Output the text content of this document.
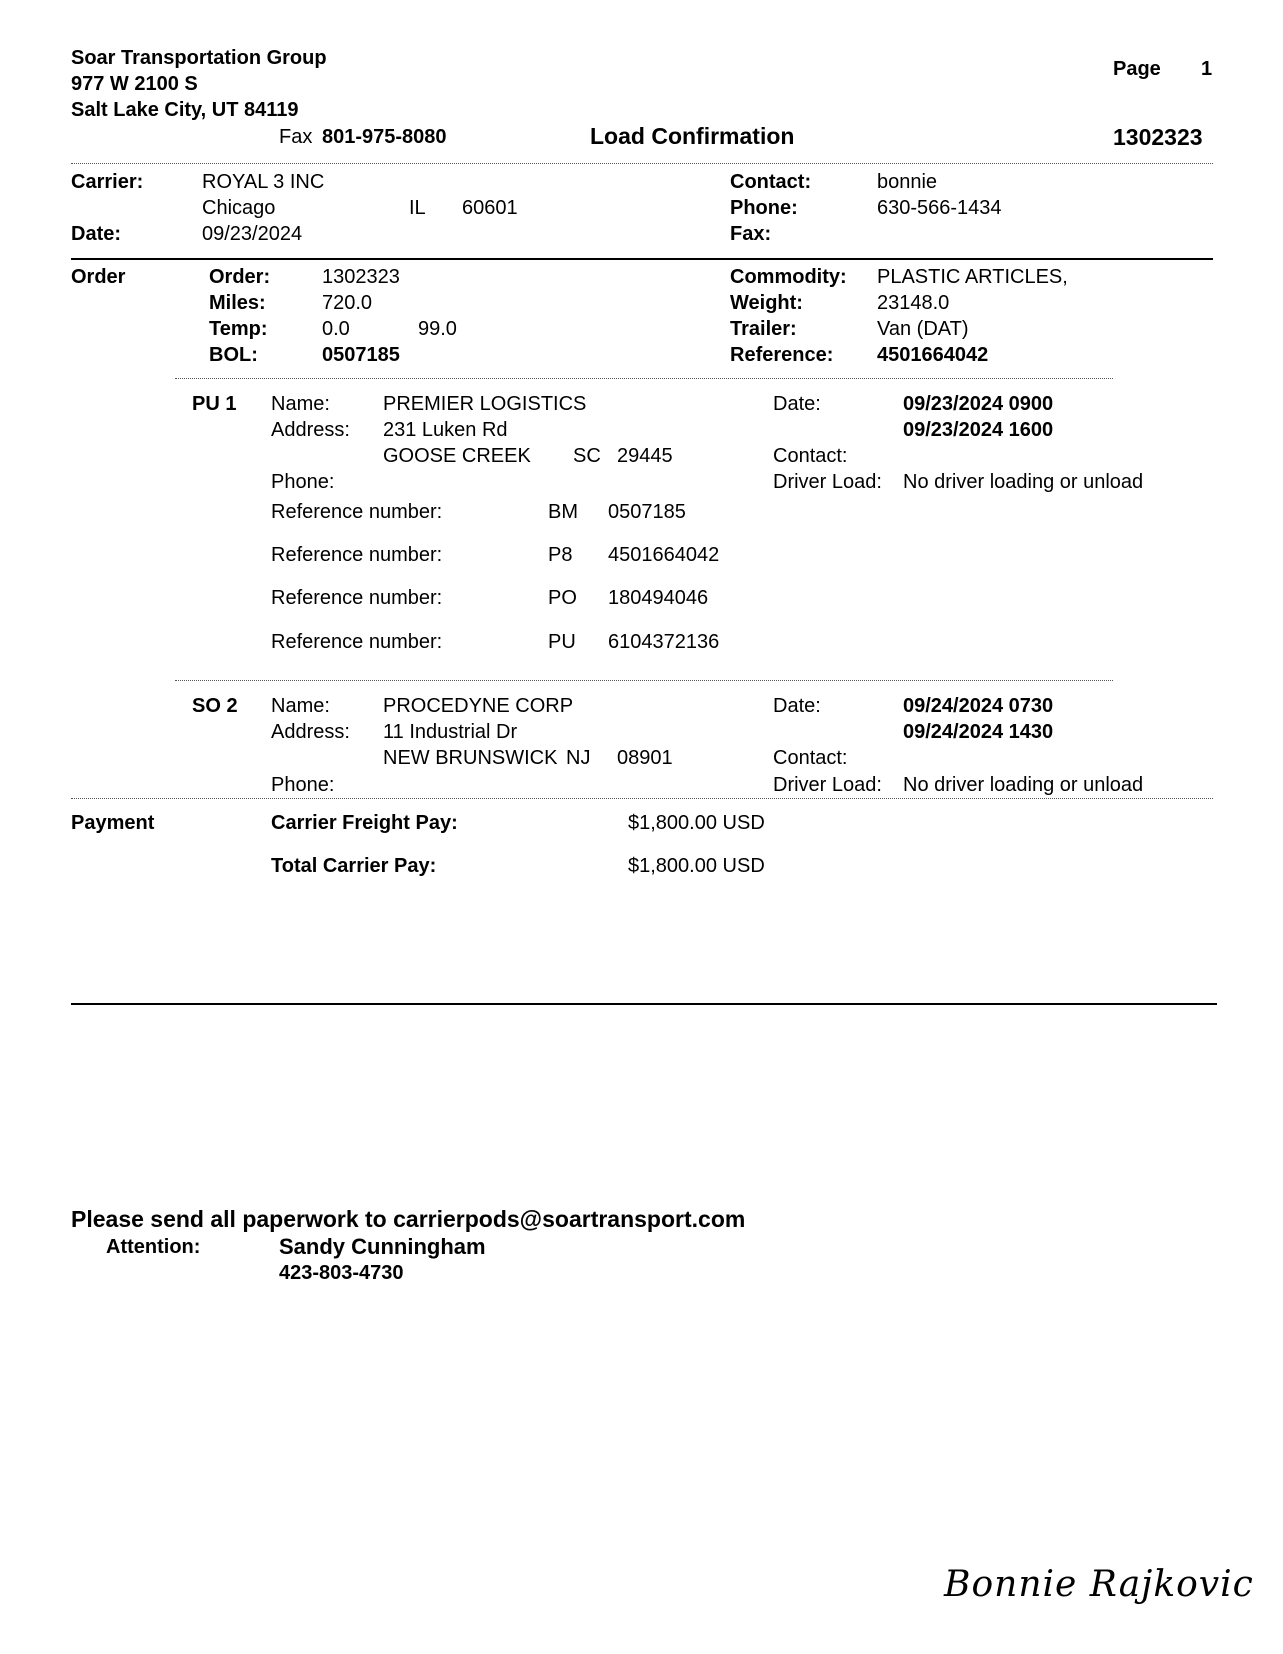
Soar Transportation Group
977 W 2100 S
Salt Lake City, UT 84119
Fax 801-975-8080
Page 1
Load Confirmation	1302323
Carrier:	ROYAL 3 INC
Chicago	IL 60601
Date:	09/23/2024
Contact:	bonnie
Phone:	630-566-1434
Fax:
Order	Order:	1302323
Miles:	720.0
Temp:	0.0	99.0
BOL:	0507185
Commodity: PLASTIC ARTICLES,
Weight:	23148.0
Trailer:	Van (DAT)
Reference: 4501664042
PU 1 Name:	PREMIER LOGISTICS
Address: 231 Luken Rd
GOOSE CREEK SC 29445
Phone:
Date:	09/23/2024 0900
09/23/2024 1600
Contact:
Driver Load: No driver loading or unload
Reference number:	BM 0507185
Reference number:	P8 4501664042
Reference number:	PO 180494046
Reference number:	PU 6104372136
SO 2 Name:	PROCEDYNE CORP
Address: 11 Industrial Dr
NEW BRUNSWICK NJ 08901
Phone:
Date:	09/24/2024 0730
09/24/2024 1430
Contact:
Driver Load: No driver loading or unload
Payment	Carrier Freight Pay:	$1,800.00 USD
Total Carrier Pay:	$1,800.00 USD
Please send all paperwork to carrierpods@soartransport.com
Attention:	Sandy Cunningham
423-803-4730
Bonnie Rajkovic
